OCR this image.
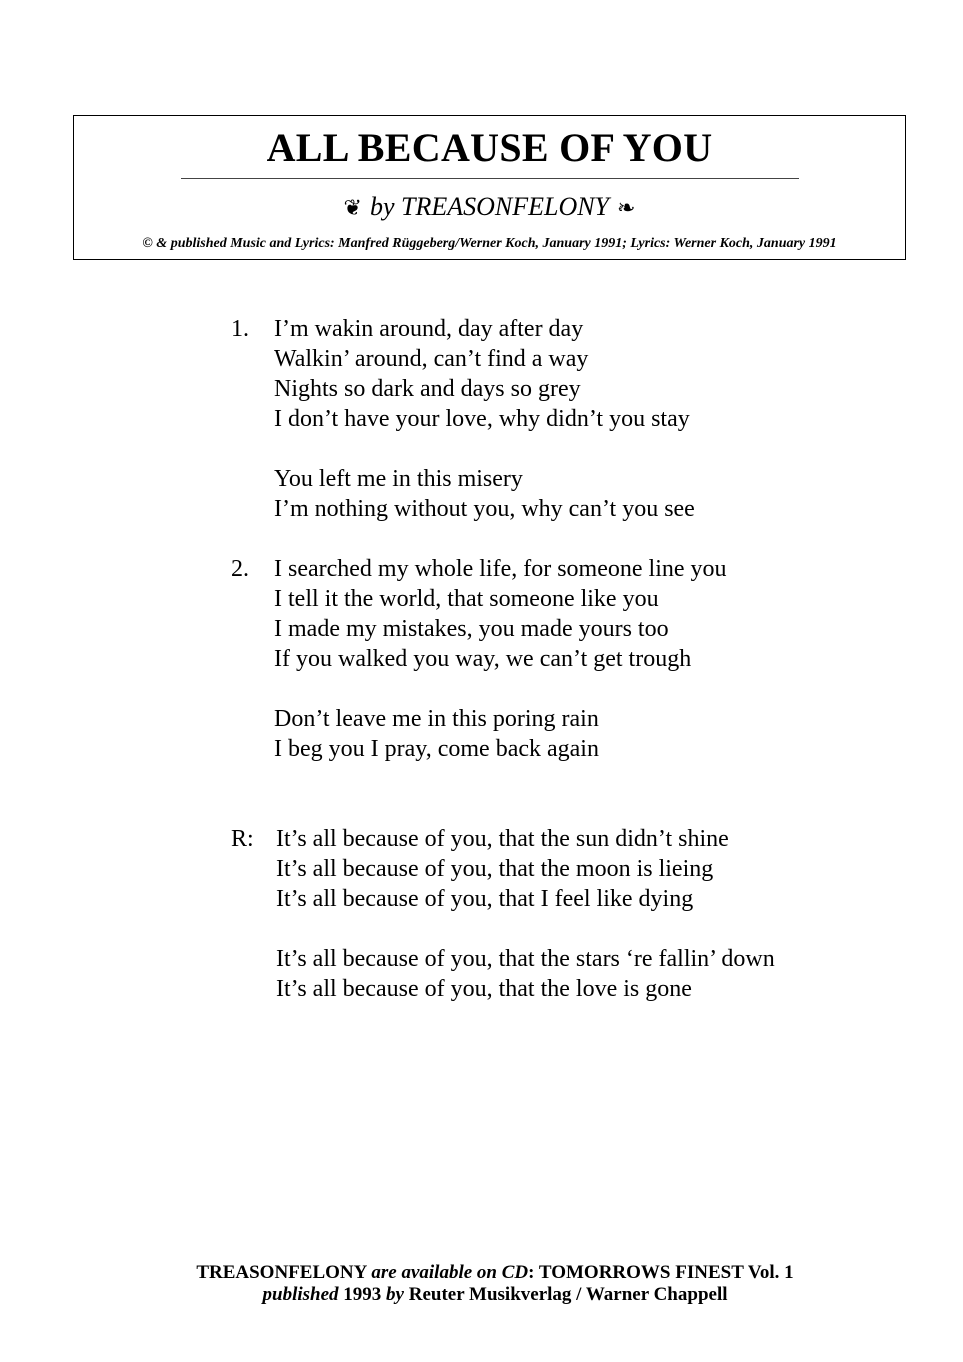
ALL BECAUSE OF YOU
❦ by TREASONFELONY ❧
© & published Music and Lyrics: Manfred Rüggeberg/Werner Koch, January 1991; Lyrics: Werner Koch, January 1991
1. I’m wakin around, day after day
Walkin’ around, can’t find a way
Nights so dark and days so grey
I don’t have your love, why didn’t you stay
You left me in this misery
I’m nothing without you, why can’t you see
2. I searched my whole life, for someone line you
I tell it the world, that someone like you
I made my mistakes, you made yours too
If you walked you way, we can’t get trough
Don’t leave me in this poring rain
I beg you I pray, come back again
R: It’s all because of you, that the sun didn’t shine
It’s all because of you, that the moon is lieing
It’s all because of you, that I feel like dying
It’s all because of you, that the stars ‘re fallin’ down
It’s all because of you, that the love is gone
TREASONFELONY are available on CD: TOMORROWS FINEST Vol. 1
published 1993 by Reuter Musikverlag / Warner Chappell
